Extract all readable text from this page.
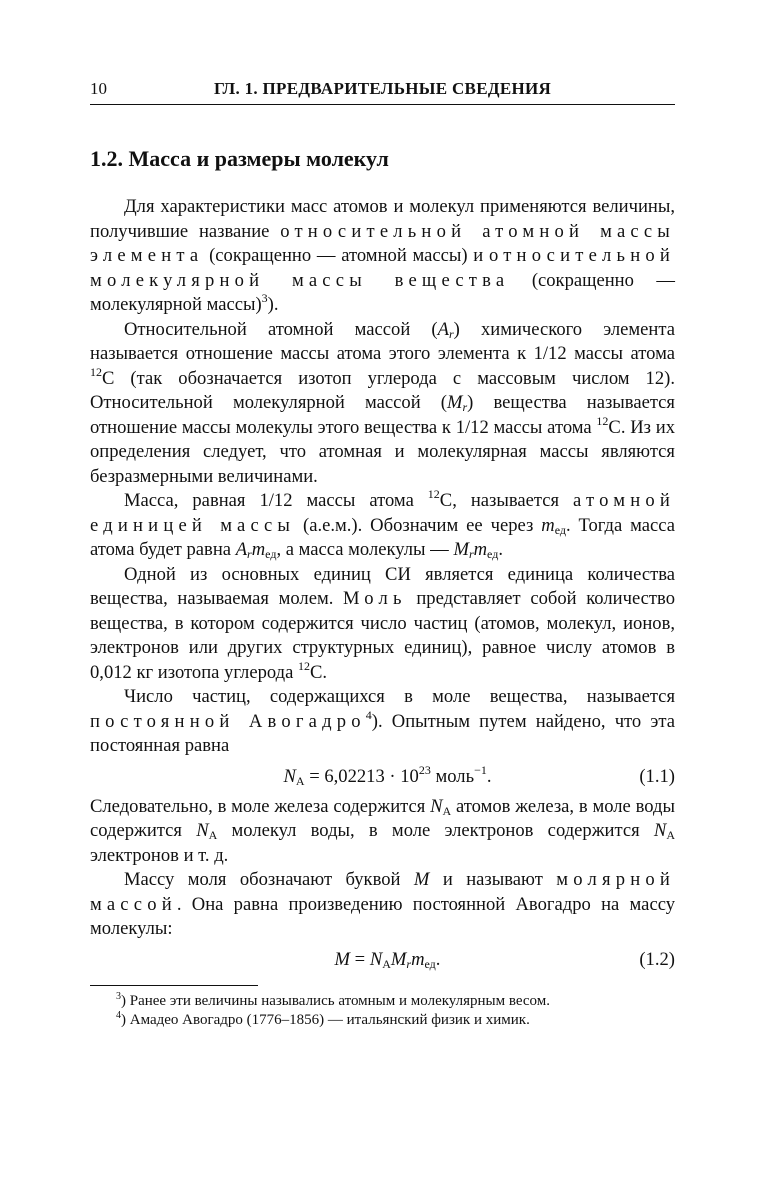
10	ГЛ. 1. ПРЕДВАРИТЕЛЬНЫЕ СВЕДЕНИЯ
1.2. Масса и размеры молекул

Для характеристики масс атомов и молекул применяются величины, получившие название относительной атомной массы элемента (сокращенно — атомной массы) и относительной молекулярной массы вещества (сокращенно — молекулярной массы)$^3$).

Относительной атомной массой $(A_r)$ химического элемента называется отношение массы атома этого элемента к 1/12 массы атома $^{12}$C (так обозначается изотоп углерода с массовым числом 12). Относительной молекулярной массой $(M_r)$ вещества называется отношение массы молекулы этого вещества к 1/12 массы атома $^{12}$C. Из их определения следует, что атомная и молекулярная массы являются безразмерными величинами.

Масса, равная 1/12 массы атома $^{12}$C, называется атомной единицей массы (а.е.м.). Обозначим ее через $m_{ед}$. Тогда масса атома будет равна $A_rm_{ед}$, а масса молекулы — $M_rm_{ед}$.

Одной из основных единиц СИ является единица количества вещества, называемая молем. Моль представляет собой количество вещества, в котором содержится число частиц (атомов, молекул, ионов, электронов или других структурных единиц), равное числу атомов в 0,012 кг изотопа углерода $^{12}$C.

Число частиц, содержащихся в моле вещества, называется постоянной Авогадро$^4$). Опытным путем найдено, что эта постоянная равна

$N_A = 6,02213 \cdot 10^{23}$ моль$^{-1}$.	(1.1)

Следовательно, в моле железа содержится $N_A$ атомов железа, в моле воды содержится $N_A$ молекул воды, в моле электронов содержится $N_A$ электронов и т. д.

Массу моля обозначают буквой M и называют молярной массой. Она равна произведению постоянной Авогадро на массу молекулы:

$M = N_AM_rm_{ед}$.	(1.2)

$^3$) Ранее эти величины назывались атомным и молекулярным весом.

$^4$) Амадео Авогадро (1776–1856) — итальянский физик и химик.
